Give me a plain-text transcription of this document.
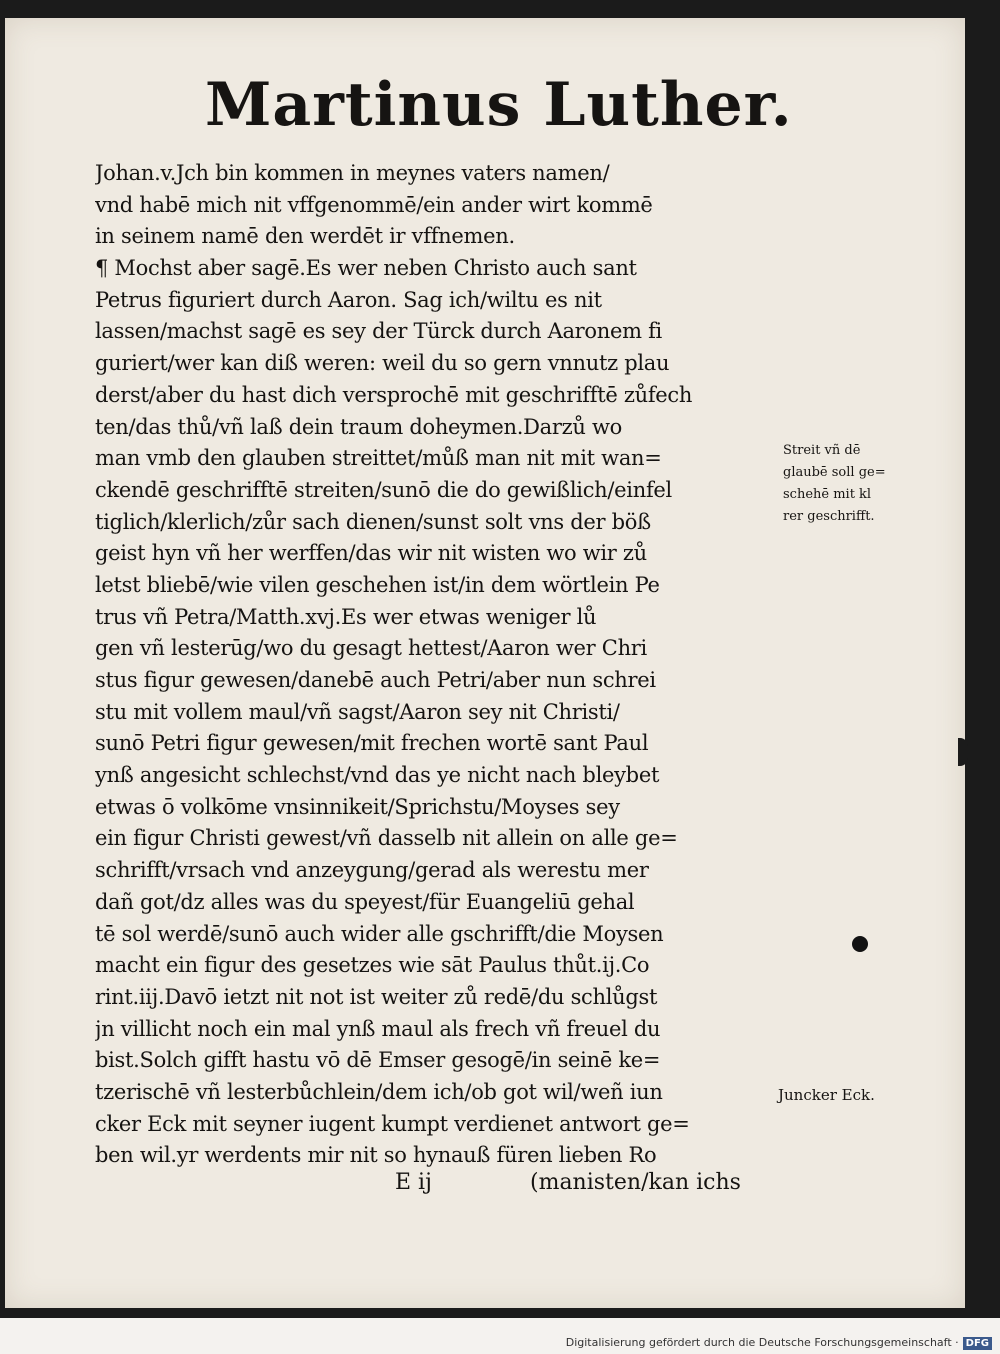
Martinus Luther.
Johan.v.Jch bin kommen in meynes vaters namen/
vnd habē mich nit vffgenommē/ein ander wirt kommē
in seinem namē den werdēt ir vffnemen.
¶ Mochst aber sagē.Es wer neben Christo auch sant
Petrus figuriert durch Aaron. Sag ich/wiltu es nit
lassen/machst sagē es sey der Türck durch Aaronem fi
guriert/wer kan diß weren: weil du so gern vnnutz plau
derst/aber du hast dich versprochē mit geschrifftē zůfech
ten/das thů/vñ laß dein traum doheymen.Darzů wo
man vmb den glauben streittet/můß man nit mit wan=
ckendē geschrifftē streiten/sunō die do gewißlich/einfel
tiglich/klerlich/zůr sach dienen/sunst solt vns der böß
geist hyn vñ her werffen/das wir nit wisten wo wir zů
letst bliebē/wie vilen geschehen ist/in dem wörtlein Pe
trus vñ Petra/Matth.xvj.Es wer etwas weniger lů
gen vñ lesterūg/wo du gesagt hettest/Aaron wer Chri
stus figur gewesen/danebē auch Petri/aber nun schrei
stu mit vollem maul/vñ sagst/Aaron sey nit Christi/
sunō Petri figur gewesen/mit frechen wortē sant Paul
ynß angesicht schlechst/vnd das ye nicht nach bleybet
etwas ō volkōme vnsinnikeit/Sprichstu/Moyses sey
ein figur Christi gewest/vñ dasselb nit allein on alle ge=
schrifft/vrsach vnd anzeygung/gerad als werestu mer
dañ got/dz alles was du speyest/für Euangeliū gehal
tē sol werdē/sunō auch wider alle gschrifft/die Moysen
macht ein figur des gesetzes wie sāt Paulus thůt.ij.Co
rint.iij.Davō ietzt nit not ist weiter zů redē/du schlůgst
jn villicht noch ein mal ynß maul als frech vñ freuel du
bist.Solch gifft hastu vō dē Emser gesogē/in seinē ke=
tzerischē vñ lesterbůchlein/dem ich/ob got wil/weñ iun
cker Eck mit seyner iugent kumpt verdienet antwort ge=
ben wil.yr werdents mir nit so hynauß füren lieben Ro
Streit vñ dē
glaubē soll ge=
schehē mit kl
rer geschrifft.
Juncker Eck.
E ij	(manisten/kan ichs
Digitalisierung gefördert durch die Deutsche Forschungsgemeinschaft · DFG
